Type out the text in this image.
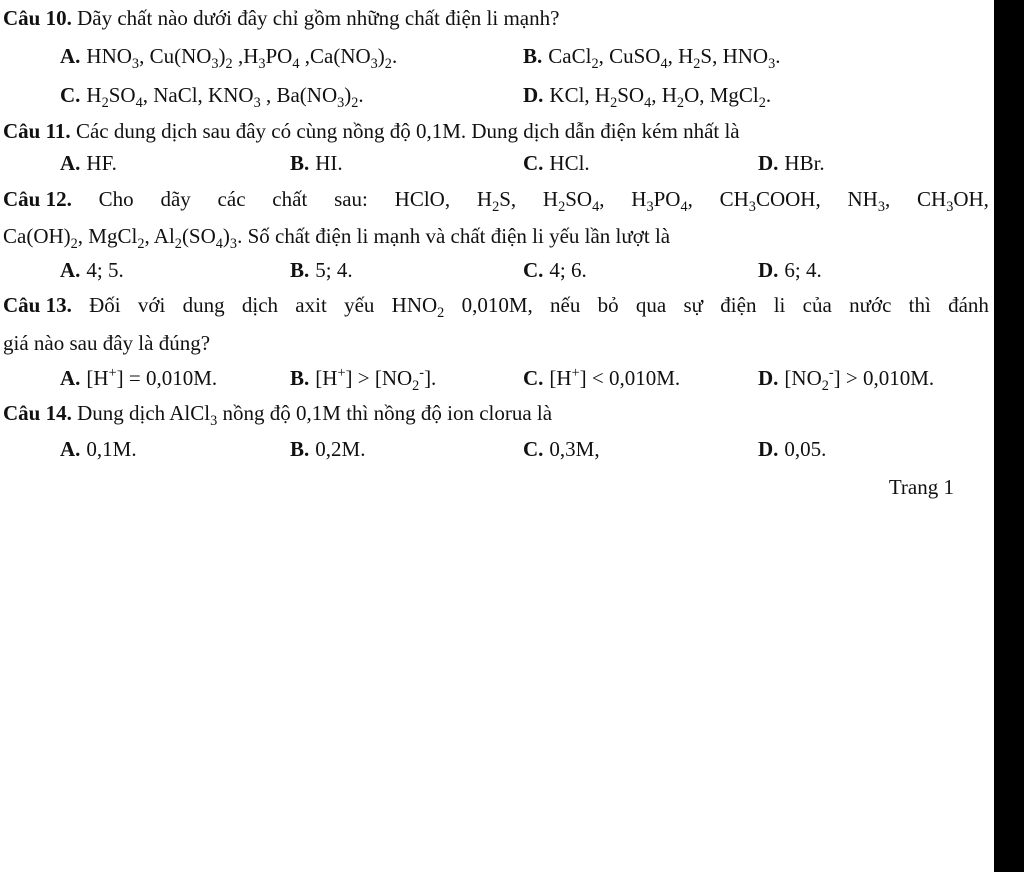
Câu 10. Dãy chất nào dưới đây chỉ gồm những chất điện li mạnh?
A. $HNO_3$, $Cu(NO_3)_2$ $,H_3PO_4$ $,Ca(NO_3)_2$.	B. CaCl$_2$, CuSO$_4$, $H_2S$, $HNO_3$.
C. $H_2SO_4$, NaCl, $KNO_3$ , $Ba(NO_3)_2$.	D. KCl, $H_2SO_4$, $H_2O$, MgCl$_2$.
Câu 11. Các dung dịch sau đây có cùng nồng độ 0,1M. Dung dịch dẫn điện kém nhất là
A. HF.	B. HI.	C. HCl.	D. HBr.
Câu 12. Cho dãy các chất sau: HClO, $H_2S$, $H_2SO_4$, $H_3PO_4$, $CH_3COOH$, $NH_3$, $CH_3OH$,
$Ca(OH)_2$, MgCl$_2$, $Al_2(SO_4)_3$. Số chất điện li mạnh và chất điện li yếu lần lượt là
A. 4; 5.	B. 5; 4.	C. 4; 6.	D. 6; 4.
Câu 13. Đối với dung dịch axit yếu $HNO_2$ 0,010M, nếu bỏ qua sự điện li của nước thì đánh
giá nào sau đây là đúng?
A. [H+] = 0,010M.	B. $[H^+] > [NO_2^-]$.	C. [H+] < 0,010M.	D. $[NO_2^-] > 0,010M$.
Câu 14. Dung dịch AlCl$_3$ nồng độ 0,1M thì nồng độ ion clorua là
A. 0,1M.	B. 0,2M.	C. 0,3M,	D. 0,05.
Trang 1
